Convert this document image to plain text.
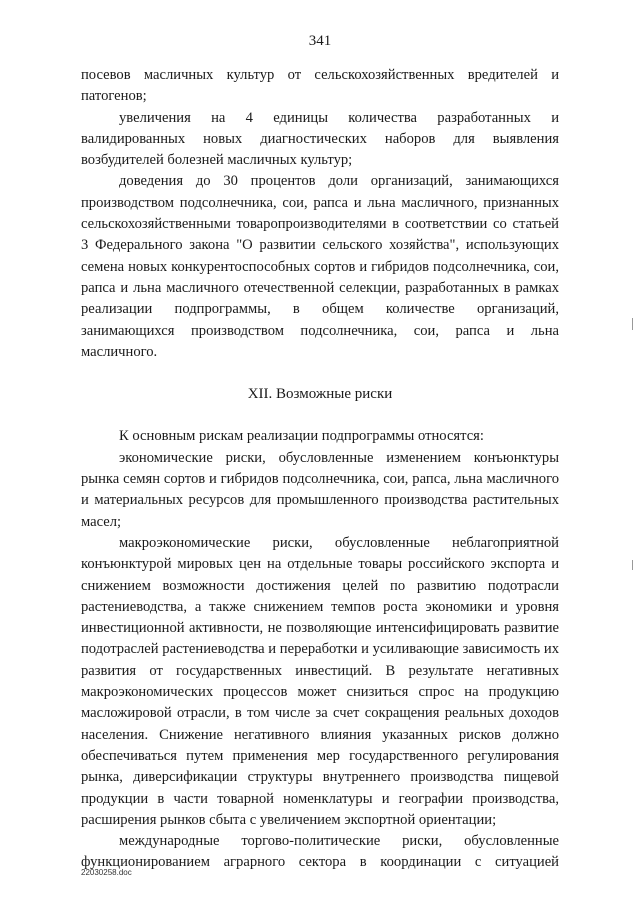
341

посевов масличных культур от сельскохозяйственных вредителей и патогенов;

увеличения на 4 единицы количества разработанных и валидированных новых диагностических наборов для выявления возбудителей болезней масличных культур;

доведения до 30 процентов доли организаций, занимающихся производством подсолнечника, сои, рапса и льна масличного, признанных сельскохозяйственными товаропроизводителями в соответствии со статьей 3 Федерального закона "О развитии сельского хозяйства", использующих семена новых конкурентоспособных сортов и гибридов подсолнечника, сои, рапса и льна масличного отечественной селекции, разработанных в рамках реализации подпрограммы, в общем количестве организаций, занимающихся производством подсолнечника, сои, рапса и льна масличного.

XII. Возможные риски

К основным рискам реализации подпрограммы относятся:

экономические риски, обусловленные изменением конъюнктуры рынка семян сортов и гибридов подсолнечника, сои, рапса, льна масличного и материальных ресурсов для промышленного производства растительных масел;

макроэкономические риски, обусловленные неблагоприятной конъюнктурой мировых цен на отдельные товары российского экспорта и снижением возможности достижения целей по развитию подотрасли растениеводства, а также снижением темпов роста экономики и уровня инвестиционной активности, не позволяющие интенсифицировать развитие подотраслей растениеводства и переработки и усиливающие зависимость их развития от государственных инвестиций. В результате негативных макроэкономических процессов может снизиться спрос на продукцию масложировой отрасли, в том числе за счет сокращения реальных доходов населения. Снижение негативного влияния указанных рисков должно обеспечиваться путем применения мер государственного регулирования рынка, диверсификации структуры внутреннего производства пищевой продукции в части товарной номенклатуры и географии производства, расширения рынков сбыта с увеличением экспортной ориентации;

международные торгово-политические риски, обусловленные функционированием аграрного сектора в координации с ситуацией

22030258.doc
